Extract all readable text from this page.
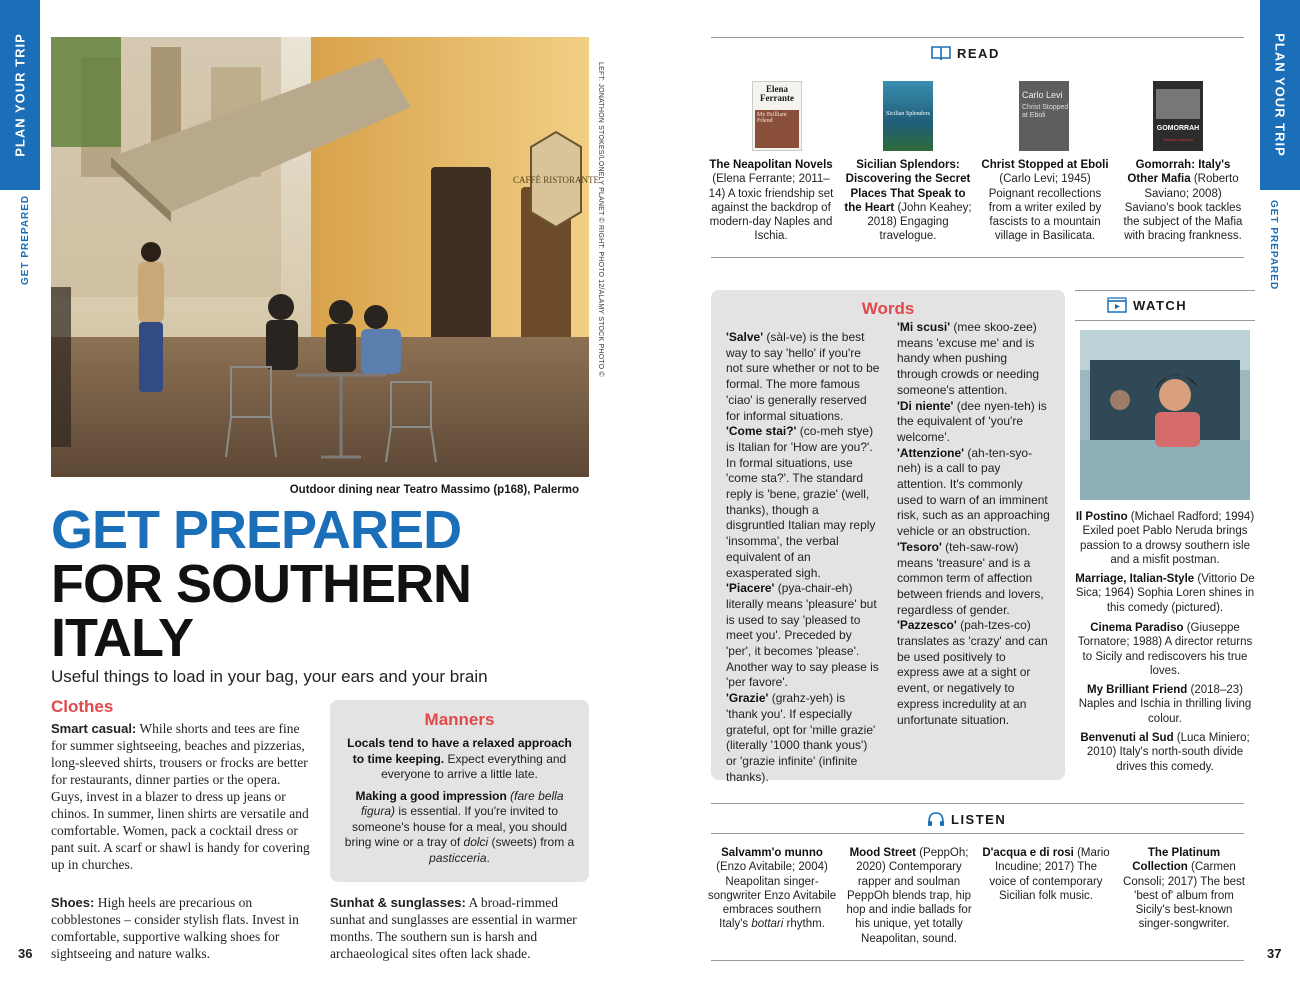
PLAN YOUR TRIP
GET PREPARED
CAFFÈ RISTORANTE
LEFT: JONATHON STOKES/LONELY PLANET © RIGHT: PHOTO 12/ALAMY STOCK PHOTO ©
Outdoor dining near Teatro Massimo (p168), Palermo
GET PREPARED
FOR SOUTHERN
ITALY
Useful things to load in your bag, your ears and your brain
Clothes
Smart casual: While shorts and tees are fine for summer sightseeing, beaches and pizzerias, long-sleeved shirts, trousers or frocks are better for restaurants, dinner parties or the opera. Guys, invest in a blazer to dress up jeans or chinos. In summer, linen shirts are versatile and comfortable. Women, pack a cocktail dress or pant suit. A scarf or shawl is handy for covering up in churches.
Shoes: High heels are precarious on cobblestones – consider stylish flats. Invest in comfortable, supportive walking shoes for sightseeing and nature walks.
Sunhat & sunglasses: A broad-rimmed sunhat and sunglasses are essential in warmer months. The southern sun is harsh and archaeological sites often lack shade.
Manners

Locals tend to have a relaxed approach to time keeping. Expect everything and everyone to arrive a little late.

Making a good impression (fare bella figura) is essential. If you're invited to someone's house for a meal, you should bring wine or a tray of dolci (sweets) from a pasticceria.

36
PLAN YOUR TRIP
GET PREPARED
READ
Elena Ferrante
My Brilliant Friend
Sicilian Splendors
Carlo Levi
Christ Stopped at Eboli
GOMORRAH
Roberto Saviano
The Neapolitan Novels (Elena Ferrante; 2011–14) A toxic friendship set against the backdrop of modern-day Naples and Ischia.
Sicilian Splendors: Discovering the Secret Places That Speak to the Heart (John Keahey; 2018) Engaging travelogue.
Christ Stopped at Eboli (Carlo Levi; 1945) Poignant recollections from a writer exiled by fascists to a mountain village in Basilicata.
Gomorrah: Italy's Other Mafia (Roberto Saviano; 2008) Saviano's book tackles the subject of the Mafia with bracing frankness.
Words
'Salve' (sàl-ve) is the best way to say 'hello' if you're not sure whether or not to be formal. The more famous 'ciao' is generally reserved for informal situations.
'Come stai?' (co-meh stye) is Italian for 'How are you?'. In formal situations, use 'come sta?'. The standard reply is 'bene, grazie' (well, thanks), though a disgruntled Italian may reply 'insomma', the verbal equivalent of an exasperated sigh.
'Piacere' (pya-chair-eh) literally means 'pleasure' but is used to say 'pleased to meet you'. Preceded by 'per', it becomes 'please'. Another way to say please is 'per favore'.
'Grazie' (grahz-yeh) is 'thank you'. If especially grateful, opt for 'mille grazie' (literally '1000 thank yous') or 'grazie infinite' (infinite thanks).
'Mi scusi' (mee skoo-zee) means 'excuse me' and is handy when pushing through crowds or needing someone's attention.
'Di niente' (dee nyen-teh) is the equivalent of 'you're welcome'.
'Attenzione' (ah-ten-syo-neh) is a call to pay attention. It's commonly used to warn of an imminent risk, such as an approaching vehicle or an obstruction.
'Tesoro' (teh-saw-row) means 'treasure' and is a common term of affection between friends and lovers, regardless of gender.
'Pazzesco' (pah-tzes-co) translates as 'crazy' and can be used positively to express awe at a sight or event, or negatively to express incredulity at an unfortunate situation.
WATCH
Il Postino (Michael Radford; 1994) Exiled poet Pablo Neruda brings passion to a drowsy southern isle and a misfit postman.
Marriage, Italian-Style (Vittorio De Sica; 1964) Sophia Loren shines in this comedy (pictured).
Cinema Paradiso (Giuseppe Tornatore; 1988) A director returns to Sicily and rediscovers his true loves.
My Brilliant Friend (2018–23) Naples and Ischia in thrilling living colour.
Benvenuti al Sud (Luca Miniero; 2010) Italy's north-south divide drives this comedy.
LISTEN
Salvamm'o munno (Enzo Avitabile; 2004) Neapolitan singer-songwriter Enzo Avitabile embraces southern Italy's bottari rhythm.
Mood Street (PeppOh; 2020) Contemporary rapper and soulman PeppOh blends trap, hip hop and indie ballads for his unique, yet totally Neapolitan, sound.
D'acqua e di rosi (Mario Incudine; 2017) The voice of contemporary Sicilian folk music.
The Platinum Collection (Carmen Consoli; 2017) The best 'best of' album from Sicily's best-known singer-songwriter.
37
